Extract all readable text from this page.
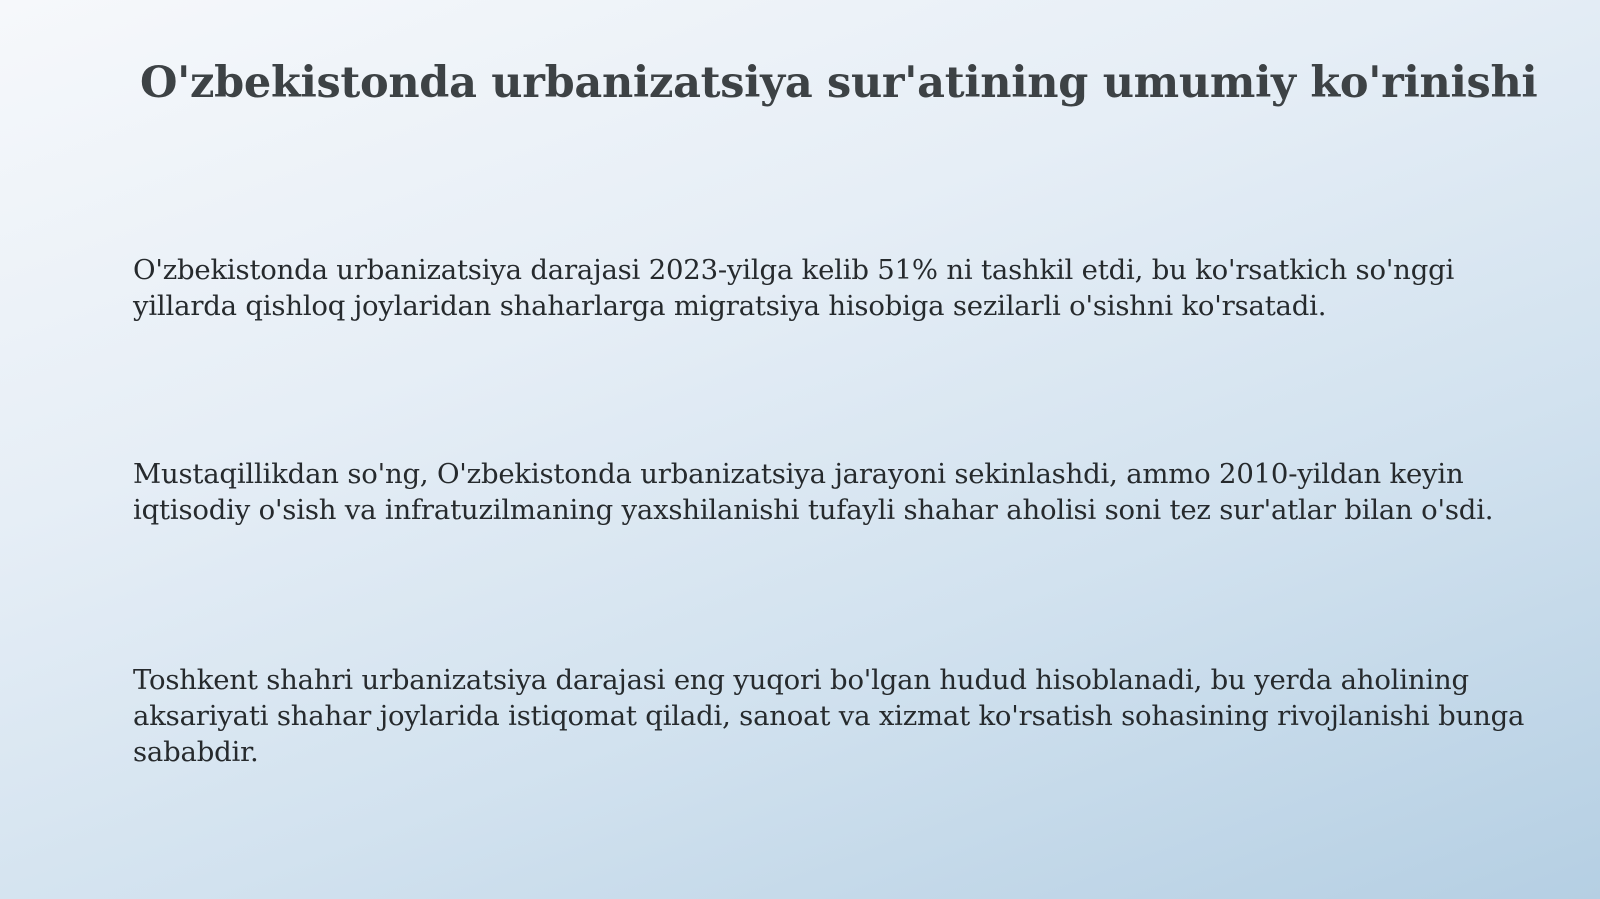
O'zbekistonda urbanizatsiya sur'atining umumiy ko'rinishi

O'zbekistonda urbanizatsiya darajasi 2023-yilga kelib 51% ni tashkil etdi, bu ko'rsatkich so'nggi yillarda qishloq joylaridan shaharlarga migratsiya hisobiga sezilarli o'sishni ko'rsatadi.

Mustaqillikdan so'ng, O'zbekistonda urbanizatsiya jarayoni sekinlashdi, ammo 2010-yildan keyin iqtisodiy o'sish va infratuzilmaning yaxshilanishi tufayli shahar aholisi soni tez sur'atlar bilan o'sdi.

Toshkent shahri urbanizatsiya darajasi eng yuqori bo'lgan hudud hisoblanadi, bu yerda aholining aksariyati shahar joylarida istiqomat qiladi, sanoat va xizmat ko'rsatish sohasining rivojlanishi bunga sababdir.
